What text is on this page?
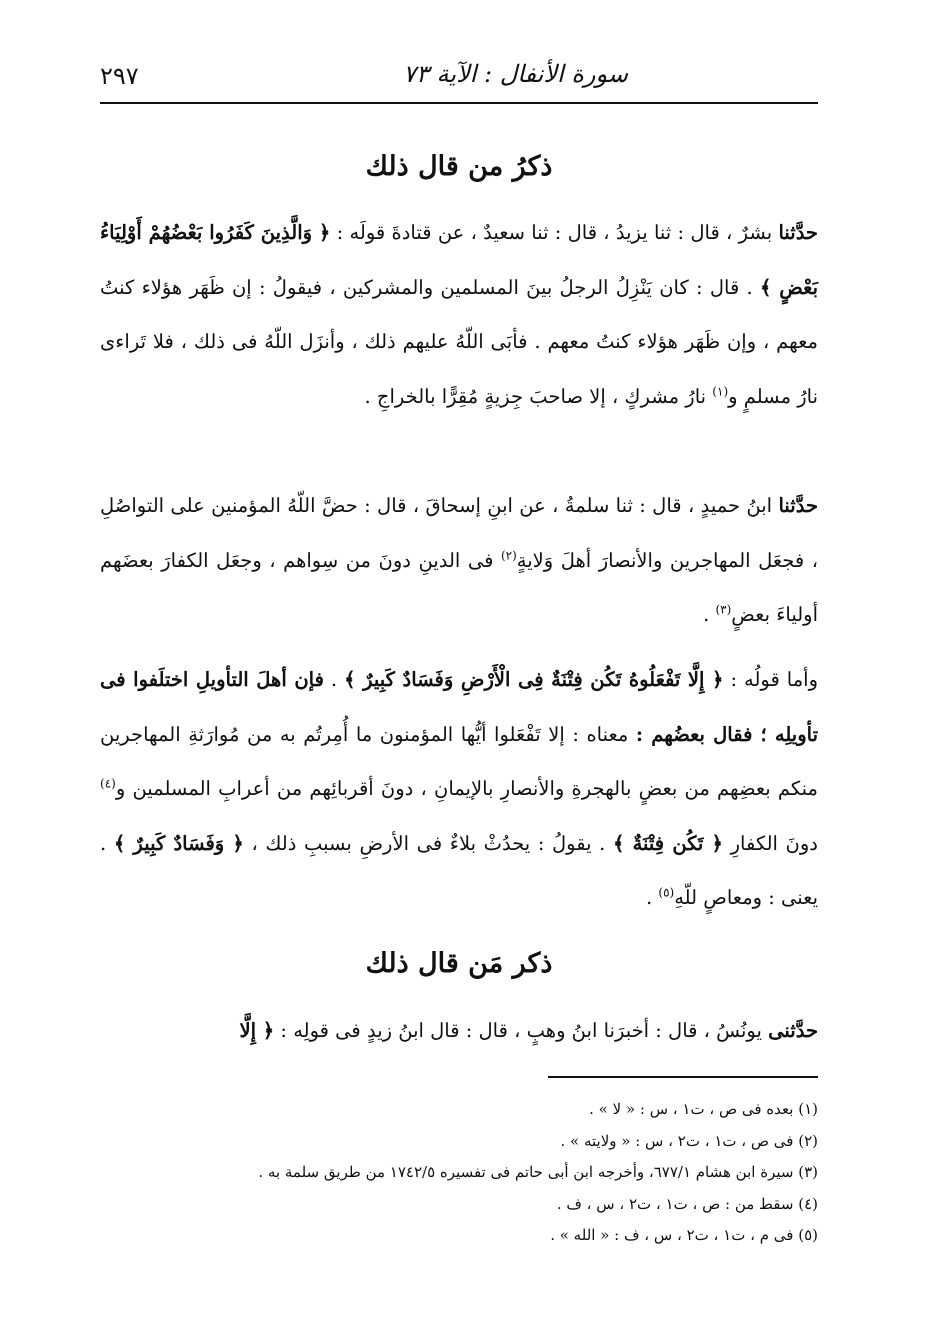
سورة الأنفال : الآية ٧٣
٢٩٧
ذكرُ من قال ذلك

حدَّثنا بشرٌ ، قال : ثنا يزيدُ ، قال : ثنا سعيدٌ ، عن قتادةَ قولَه : ﴿ وَالَّذِينَ كَفَرُوا بَعْضُهُمْ أَوْلِيَاءُ بَعْضٍ ﴾ . قال : كان يَنْزِلُ الرجلُ بينَ المسلمين والمشركين ، فيقولُ : إن ظَهَر هؤلاء كنتُ معهم ، وإن ظَهَر هؤلاء كنتُ معهم . فأبَى اللّهُ عليهم ذلك ، وأنزَل اللّهُ فى ذلك ، فلا تَراءى نارُ مسلمٍ و$^{(١)}$ نارُ مشركٍ ، إلا صاحبَ جِزيةٍ مُقِرًّا بالخراجِ .

حدَّثنا ابنُ حميدٍ ، قال : ثنا سلمةُ ، عن ابنِ إسحاقَ ، قال : حضَّ اللّهُ المؤمنين على التواصُلِ ، فجعَل المهاجرين والأنصارَ أهلَ وَلايةٍ$^{(٢)}$ فى الدينِ دونَ من سِواهم ، وجعَل الكفارَ بعضَهم أولياءَ بعضٍ$^{(٣)}$ .

وأما قولُه : ﴿ إِلَّا تَفْعَلُوهُ تَكُن فِتْنَةٌ فِى الْأَرْضِ وَفَسَادٌ كَبِيرٌ ﴾ . فإن أهلَ التأويلِ اختلَفوا فى تأويلِه ؛ فقال بعضُهم : معناه : إلا تَفْعَلوا أيُّها المؤمنون ما أُمِرتُم به من مُوارَثةِ المهاجرين منكم بعضِهم من بعضٍ بالهجرةِ والأنصارِ بالإيمانِ ، دونَ أقربائِهم من أعرابِ المسلمين و$^{(٤)}$ دونَ الكفارِ ﴿ تَكُن فِتْنَةٌ ﴾ . يقولُ : يحدُثْ بلاءٌ فى الأرضِ بسببِ ذلك ، ﴿ وَفَسَادٌ كَبِيرٌ ﴾ . يعنى : ومعاصٍ للّهِ$^{(٥)}$ .

ذكر مَن قال ذلك

حدَّثنى يونُسُ ، قال : أخبرَنا ابنُ وهبٍ ، قال : قال ابنُ زيدٍ فى قولِه : ﴿ إِلَّا

(١) بعده فى ص ، ت١ ، س : « لا » .
(٢) فى ص ، ت١ ، ت٢ ، س : « ولايته » .
(٣) سيرة ابن هشام ٦٧٧/١، وأخرجه ابن أبى حاتم فى تفسيره ١٧٤٢/٥ من طريق سلمة به .
(٤) سقط من : ص ، ت١ ، ت٢ ، س ، ف .
(٥) فى م ، ت١ ، ت٢ ، س ، ف : « الله » .
